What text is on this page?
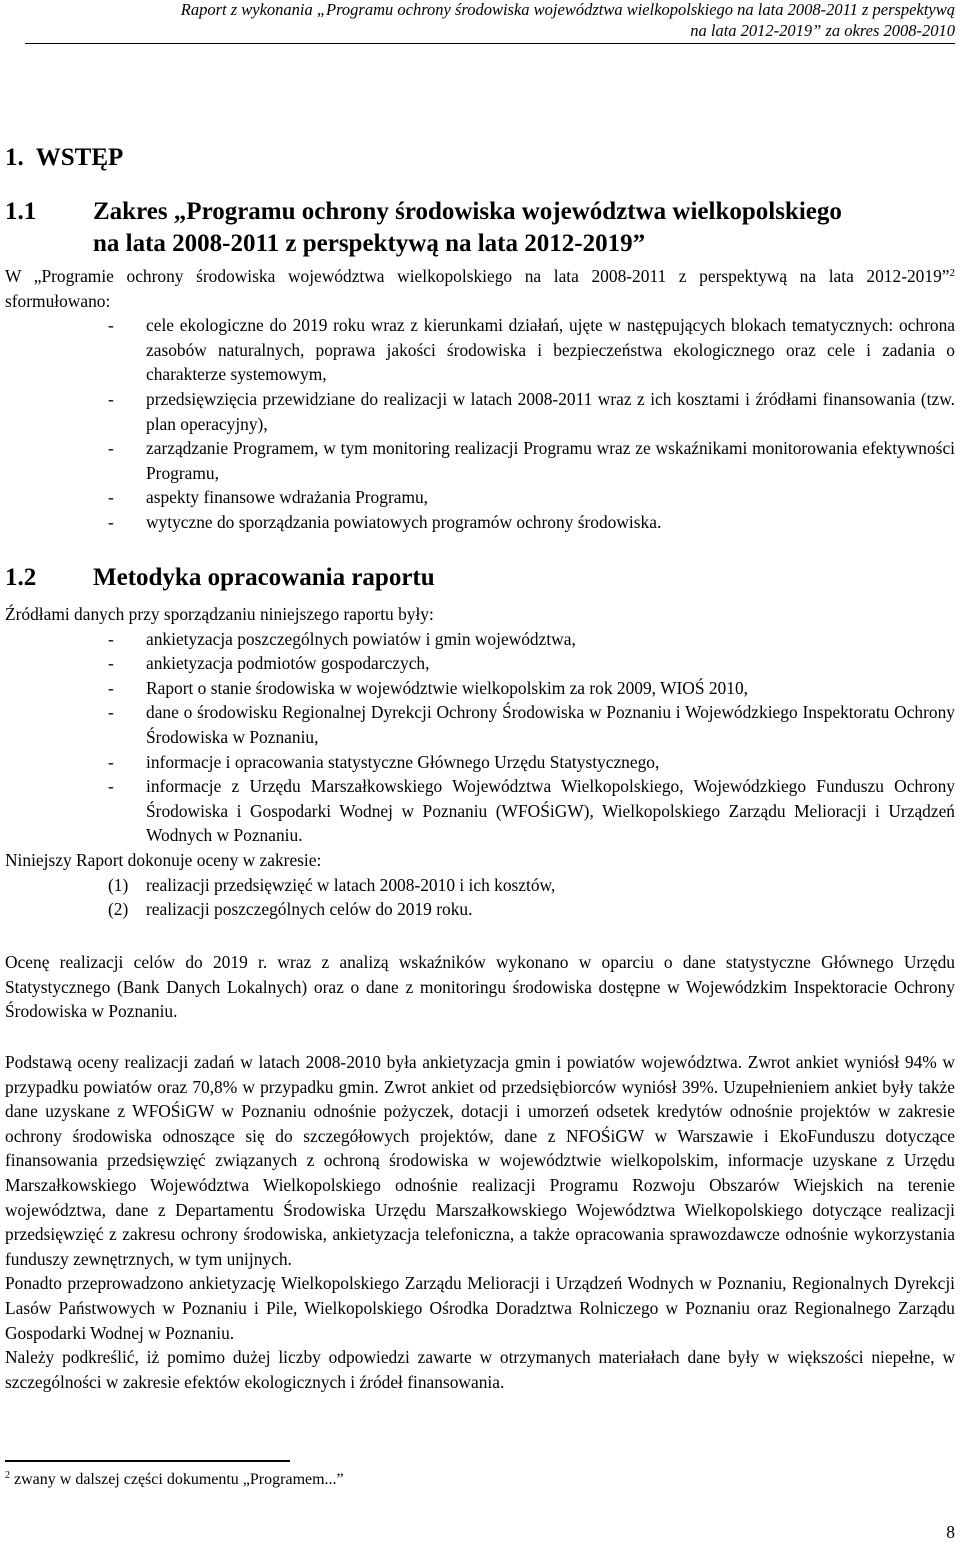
Raport z wykonania „Programu ochrony środowiska województwa wielkopolskiego na lata 2008-2011 z perspektywą
na lata 2012-2019” za okres 2008-2010
1. WSTĘP
1.1 Zakres „Programu ochrony środowiska województwa wielkopolskiego
na lata 2008-2011 z perspektywą na lata 2012-2019”

W „Programie ochrony środowiska województwa wielkopolskiego na lata 2008-2011 z perspektywą na lata 2012-2019”$^2$ sformułowano:

- cele ekologiczne do 2019 roku wraz z kierunkami działań, ujęte w następujących blokach tematycznych: ochrona zasobów naturalnych, poprawa jakości środowiska i bezpieczeństwa ekologicznego oraz cele i zadania o charakterze systemowym,
- przedsięwzięcia przewidziane do realizacji w latach 2008-2011 wraz z ich kosztami i źródłami finansowania (tzw. plan operacyjny),
- zarządzanie Programem, w tym monitoring realizacji Programu wraz ze wskaźnikami monitorowania efektywności Programu,
- aspekty finansowe wdrażania Programu,
- wytyczne do sporządzania powiatowych programów ochrony środowiska.
1.2 Metodyka opracowania raportu

Źródłami danych przy sporządzaniu niniejszego raportu były:

- ankietyzacja poszczególnych powiatów i gmin województwa,
- ankietyzacja podmiotów gospodarczych,
- Raport o stanie środowiska w województwie wielkopolskim za rok 2009, WIOŚ 2010,
- dane o środowisku Regionalnej Dyrekcji Ochrony Środowiska w Poznaniu i Wojewódzkiego Inspektoratu Ochrony Środowiska w Poznaniu,
- informacje i opracowania statystyczne Głównego Urzędu Statystycznego,
- informacje z Urzędu Marszałkowskiego Województwa Wielkopolskiego, Wojewódzkiego Funduszu Ochrony Środowiska i Gospodarki Wodnej w Poznaniu (WFOŚiGW), Wielkopolskiego Zarządu Melioracji i Urządzeń Wodnych w Poznaniu.

Niniejszy Raport dokonuje oceny w zakresie:

(1) realizacji przedsięwzięć w latach 2008-2010 i ich kosztów,
(2) realizacji poszczególnych celów do 2019 roku.

Ocenę realizacji celów do 2019 r. wraz z analizą wskaźników wykonano w oparciu o dane statystyczne Głównego Urzędu Statystycznego (Bank Danych Lokalnych) oraz o dane z monitoringu środowiska dostępne w Wojewódzkim Inspektoracie Ochrony Środowiska w Poznaniu.

Podstawą oceny realizacji zadań w latach 2008-2010 była ankietyzacja gmin i powiatów województwa. Zwrot ankiet wyniósł 94% w przypadku powiatów oraz 70,8% w przypadku gmin. Zwrot ankiet od przedsiębiorców wyniósł 39%. Uzupełnieniem ankiet były także dane uzyskane z WFOŚiGW w Poznaniu odnośnie pożyczek, dotacji i umorzeń odsetek kredytów odnośnie projektów w zakresie ochrony środowiska odnoszące się do szczegółowych projektów, dane z NFOŚiGW w Warszawie i EkoFunduszu dotyczące finansowania przedsięwzięć związanych z ochroną środowiska w województwie wielkopolskim, informacje uzyskane z Urzędu Marszałkowskiego Województwa Wielkopolskiego odnośnie realizacji Programu Rozwoju Obszarów Wiejskich na terenie województwa, dane z Departamentu Środowiska Urzędu Marszałkowskiego Województwa Wielkopolskiego dotyczące realizacji przedsięwzięć z zakresu ochrony środowiska, ankietyzacja telefoniczna, a także opracowania sprawozdawcze odnośnie wykorzystania funduszy zewnętrznych, w tym unijnych.

Ponadto przeprowadzono ankietyzację Wielkopolskiego Zarządu Melioracji i Urządzeń Wodnych w Poznaniu, Regionalnych Dyrekcji Lasów Państwowych w Poznaniu i Pile, Wielkopolskiego Ośrodka Doradztwa Rolniczego w Poznaniu oraz Regionalnego Zarządu Gospodarki Wodnej w Poznaniu.

Należy podkreślić, iż pomimo dużej liczby odpowiedzi zawarte w otrzymanych materiałach dane były w większości niepełne, w szczególności w zakresie efektów ekologicznych i źródeł finansowania.

$^2$ zwany w dalszej części dokumentu „Programem...”
8
